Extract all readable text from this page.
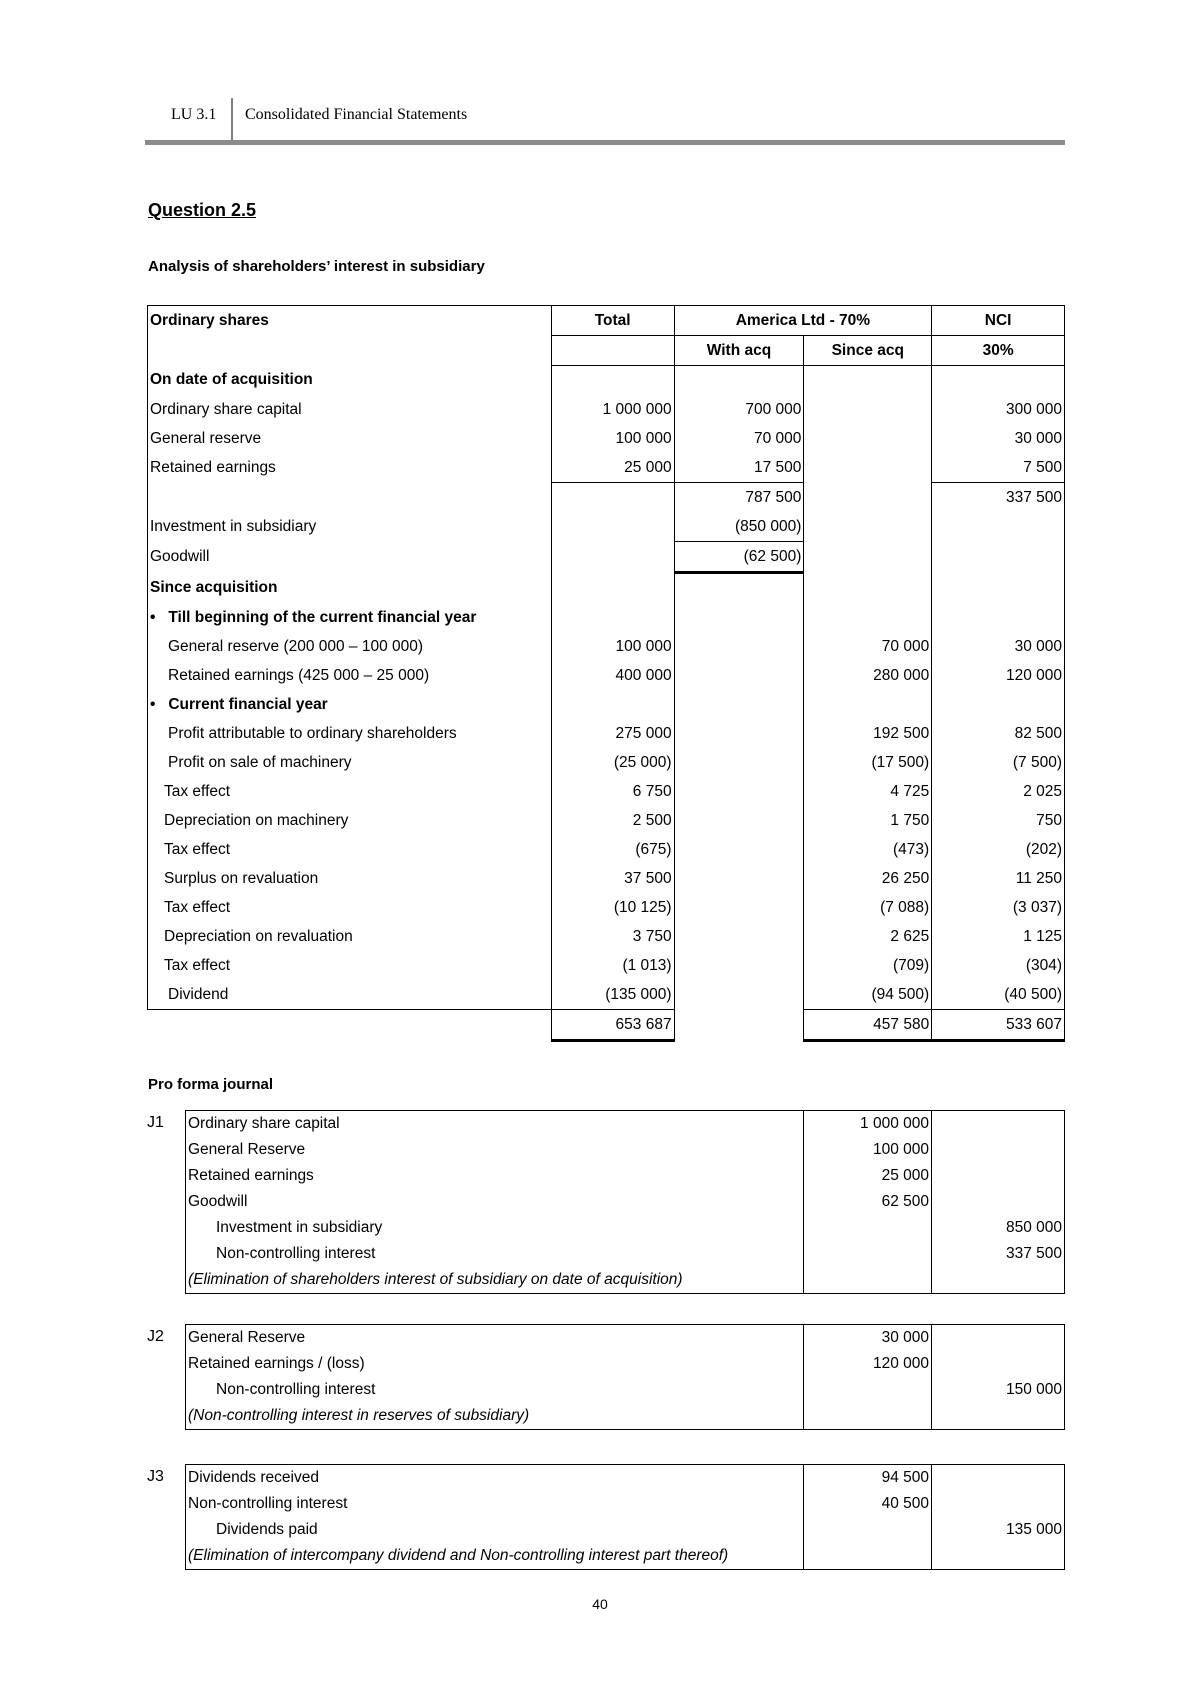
LU 3.1 Consolidated Financial Statements
Question 2.5
Analysis of shareholders’ interest in subsidiary
Ordinary shares	Total	America Ltd - 70%		NCI
		With acq	Since acq	30%
On date of acquisition				
Ordinary share capital	1 000 000	700 000		300 000
General reserve	100 000	70 000		30 000
Retained earnings	25 000	17 500		7 500
		787 500		337 500
Investment in subsidiary		(850 000)		
Goodwill		(62 500)		
Since acquisition				
•   Till beginning of the current financial year				
General reserve (200 000 – 100 000)	100 000		70 000	30 000
Retained earnings (425 000 – 25 000)	400 000		280 000	120 000
•   Current financial year				
Profit attributable to ordinary shareholders	275 000		192 500	82 500
Profit on sale of machinery	(25 000)		(17 500)	(7 500)
Tax effect	6 750		4 725	2 025
Depreciation on machinery	2 500		1 750	750
Tax effect	(675)		(473)	(202)
Surplus on revaluation	37 500		26 250	11 250
Tax effect	(10 125)		(7 088)	(3 037)
Depreciation on revaluation	3 750		2 625	1 125
Tax effect	(1 013)		(709)	(304)
Dividend	(135 000)		(94 500)	(40 500)
	653 687		457 580	533 607
Pro forma journal
J1 Ordinary share capital	1 000 000	
General Reserve	100 000	
Retained earnings	25 000	
Goodwill	62 500	
Investment in subsidiary		850 000
Non-controlling interest		337 500
(Elimination of shareholders interest of subsidiary on date of acquisition)		
J2 General Reserve	30 000	
Retained earnings / (loss)	120 000	
Non-controlling interest		150 000
(Non-controlling interest in reserves of subsidiary)		
J3 Dividends received	94 500	
Non-controlling interest	40 500	
Dividends paid		135 000
(Elimination of intercompany dividend and Non-controlling interest part thereof)		
40
